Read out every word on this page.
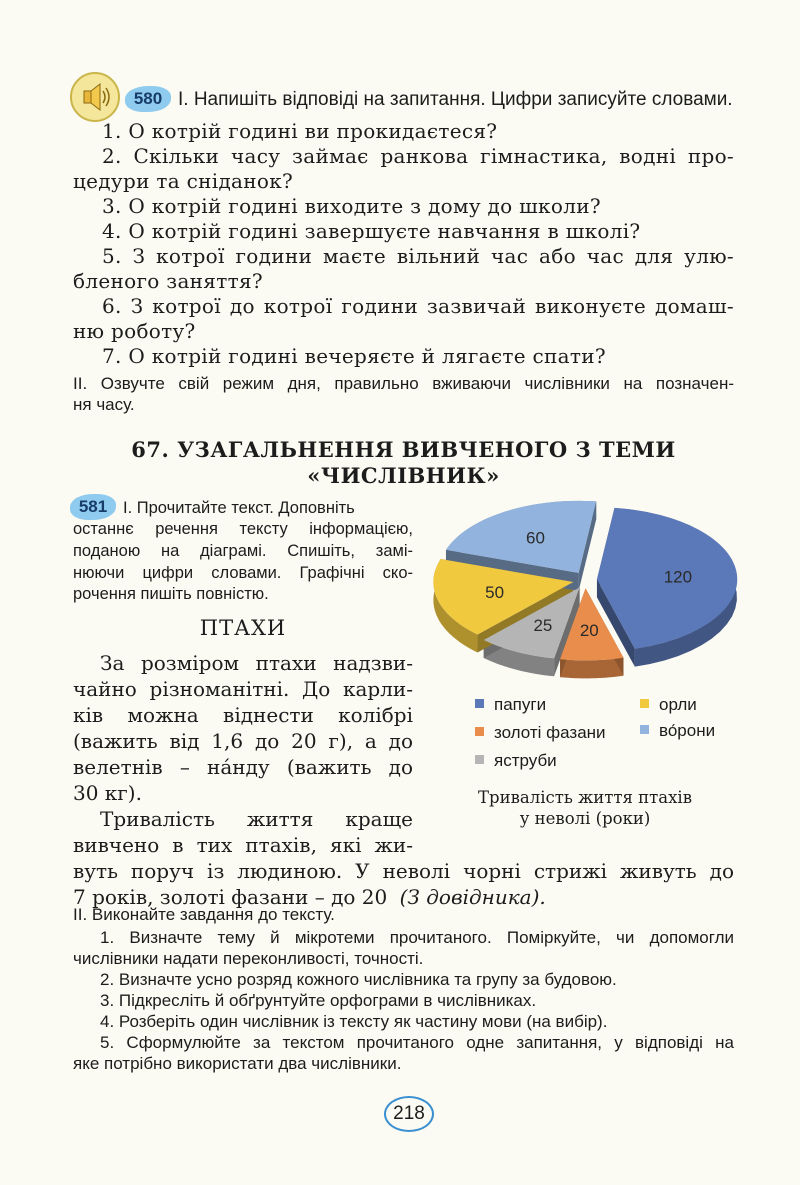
580 І. Напишіть відповіді на запитання. Цифри записуйте словами.
1. О котрій годині ви прокидаєтеся?
2. Скільки часу займає ранкова гімнастика, водні про-
цедури та сніданок?
3. О котрій годині виходите з дому до школи?
4. О котрій годині завершуєте навчання в школі?
5. З котрої години маєте вільний час або час для улю-
бленого заняття?
6. З котрої до котрої години зазвичай виконуєте домаш-
ню роботу?
7. О котрій годині вечеряєте й лягаєте спати?
ІІ. Озвучте свій режим дня, правильно вживаючи числівники на позначен-
ня часу.
67. УЗАГАЛЬНЕННЯ ВИВЧЕНОГО З ТЕМИ
«ЧИСЛІВНИК»
581 І. Прочитайте текст. Доповніть
останнє речення тексту інформацією,
поданою на діаграмі. Спишіть, замі-
нюючи цифри словами. Графічні ско-
рочення пишіть повністю.
ПТАХИ
За розміром птахи надзви-
чайно різноманітні. До карли-
ків можна віднести колібрі
(важить від 1,6 до 20 г), а до
велетнів – на́нду (важить до
30 кг).
Тривалість життя краще
вивчено в тих птахів, які жи-
вуть поруч із людиною. У неволі чорні стрижі живуть до
7 років, золоті фазани – до 20 (З довідника).
120
20
25
50
60
папуги	орли
золоті фазани	во́рони
яструби
Тривалість життя птахів
у неволі (роки)
ІІ. Виконайте завдання до тексту.
1. Визначте тему й мікротеми прочитаного. Поміркуйте, чи допомогли
числівники надати переконливості, точності.
2. Визначте усно розряд кожного числівника та групу за будовою.
3. Підкресліть й обґрунтуйте орфограми в числівниках.
4. Розберіть один числівник із тексту як частину мови (на вибір).
5. Сформулюйте за текстом прочитаного одне запитання, у відповіді на
яке потрібно використати два числівники.
218
